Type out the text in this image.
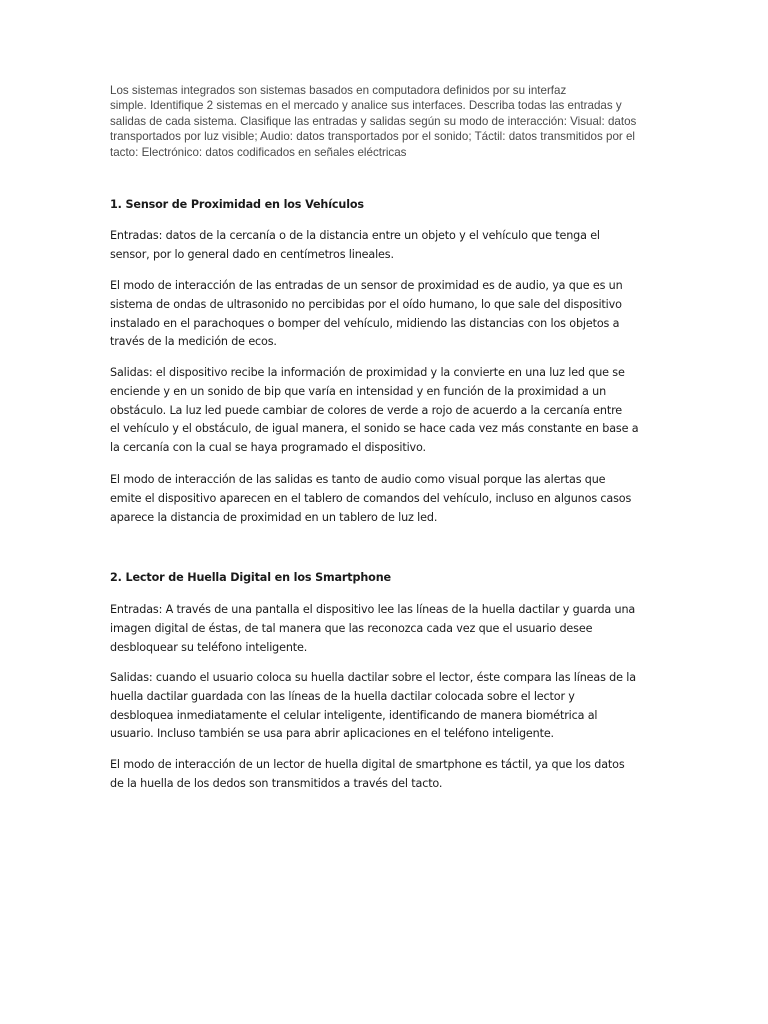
Los sistemas integrados son sistemas basados en computadora definidos por su interfaz
simple. Identifique 2 sistemas en el mercado y analice sus interfaces. Describa todas las entradas y
salidas de cada sistema. Clasifique las entradas y salidas según su modo de interacción: Visual: datos
transportados por luz visible; Audio: datos transportados por el sonido; Táctil: datos transmitidos por el
tacto: Electrónico: datos codificados en señales eléctricas

1. Sensor de Proximidad en los Vehículos

Entradas: datos de la cercanía o de la distancia entre un objeto y el vehículo que tenga el
sensor, por lo general dado en centímetros lineales.

El modo de interacción de las entradas de un sensor de proximidad es de audio, ya que es un
sistema de ondas de ultrasonido no percibidas por el oído humano, lo que sale del dispositivo
instalado en el parachoques o bomper del vehículo, midiendo las distancias con los objetos a
través de la medición de ecos.

Salidas: el dispositivo recibe la información de proximidad y la convierte en una luz led que se
enciende y en un sonido de bip que varía en intensidad y en función de la proximidad a un
obstáculo. La luz led puede cambiar de colores de verde a rojo de acuerdo a la cercanía entre
el vehículo y el obstáculo, de igual manera, el sonido se hace cada vez más constante en base a
la cercanía con la cual se haya programado el dispositivo.

El modo de interacción de las salidas es tanto de audio como visual porque las alertas que
emite el dispositivo aparecen en el tablero de comandos del vehículo, incluso en algunos casos
aparece la distancia de proximidad en un tablero de luz led.

2. Lector de Huella Digital en los Smartphone

Entradas: A través de una pantalla el dispositivo lee las líneas de la huella dactilar y guarda una
imagen digital de éstas, de tal manera que las reconozca cada vez que el usuario desee
desbloquear su teléfono inteligente.

Salidas: cuando el usuario coloca su huella dactilar sobre el lector, éste compara las líneas de la
huella dactilar guardada con las líneas de la huella dactilar colocada sobre el lector y
desbloquea inmediatamente el celular inteligente, identificando de manera biométrica al
usuario. Incluso también se usa para abrir aplicaciones en el teléfono inteligente.

El modo de interacción de un lector de huella digital de smartphone es táctil, ya que los datos
de la huella de los dedos son transmitidos a través del tacto.
